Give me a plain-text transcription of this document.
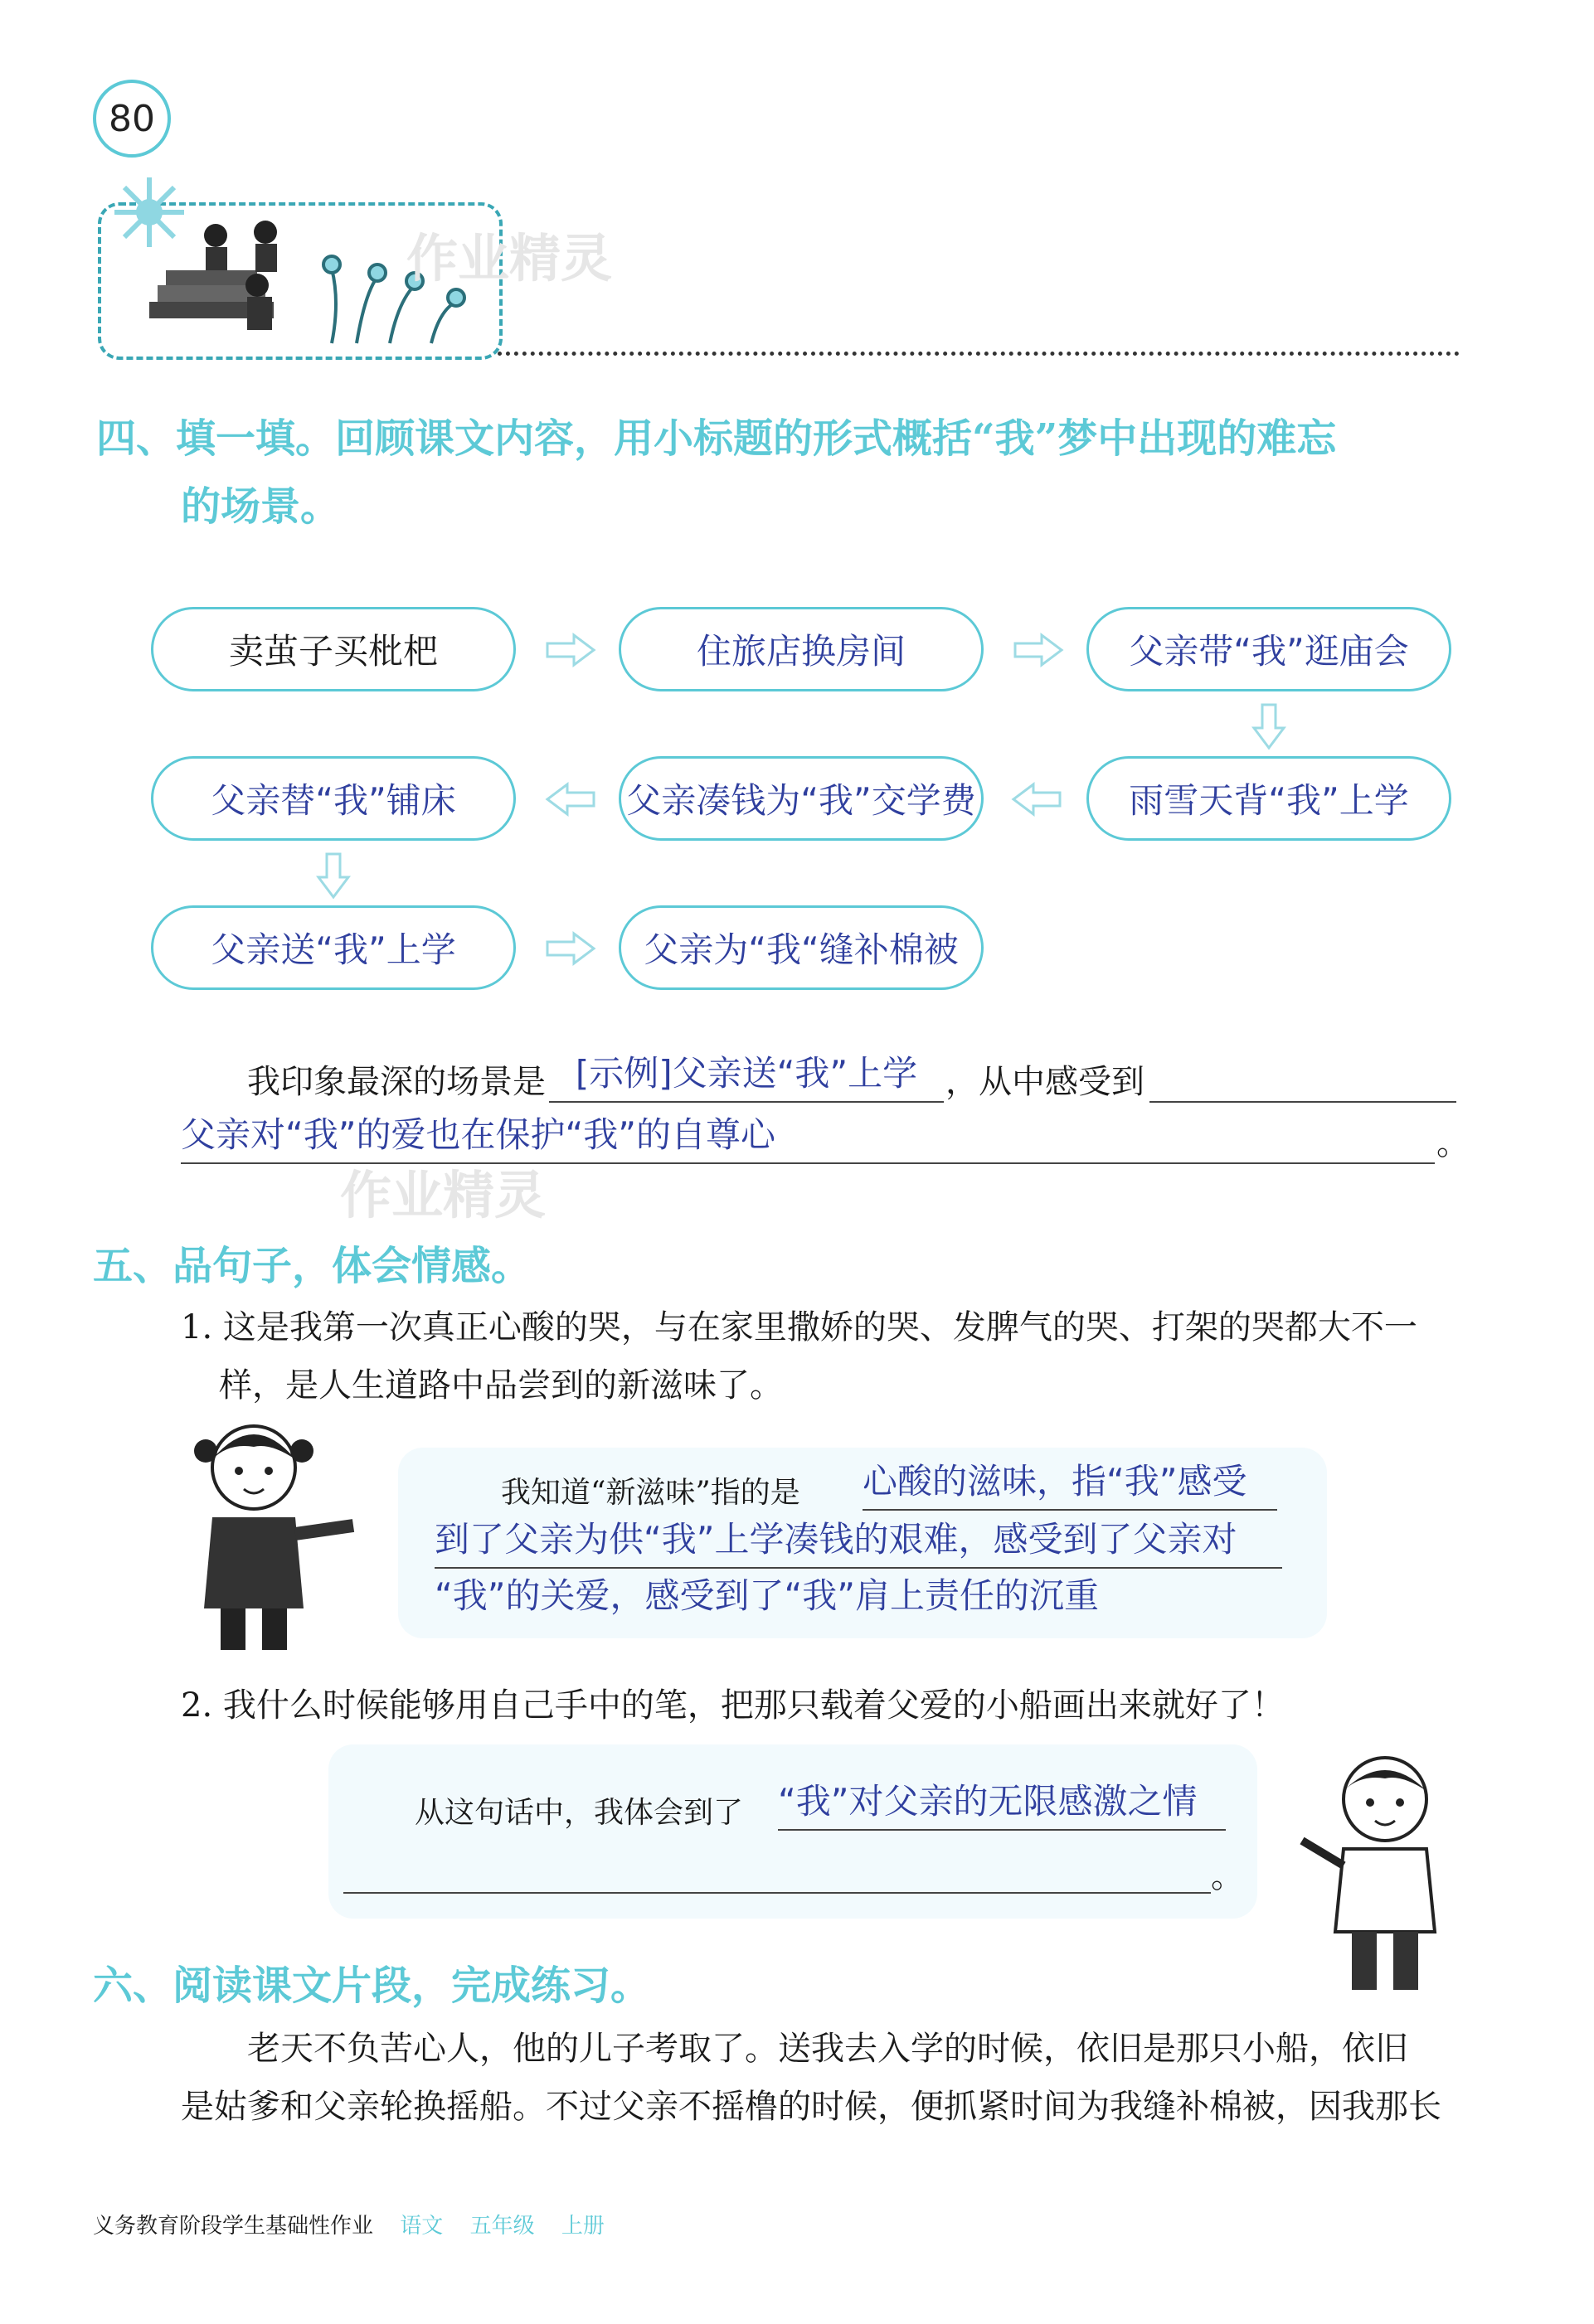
80
作业精灵
四、填一填。回顾课文内容，用小标题的形式概括“我”梦中出现的难忘
的场景。
卖茧子买枇杷	住旅店换房间	父亲带“我”逛庙会
雨雪天背“我”上学
父亲凑钱为“我”交学费
父亲替“我”铺床
父亲送“我”上学	父亲为“我“缝补棉被
我印象最深的场景是 [示例]父亲送“我”上学 ，从中感受到
父亲对“我”的爱也在保护“我”的自尊心	。
作业精灵
五、品句子，体会情感。
1. 这是我第一次真正心酸的哭，与在家里撒娇的哭、发脾气的哭、打架的哭都大不一
样，是人生道路中品尝到的新滋味了。
我知道“新滋味”指的是 心酸的滋味，指“我”感受
到了父亲为供“我”上学凑钱的艰难，感受到了父亲对
“我”的关爱，感受到了“我”肩上责任的沉重
2. 我什么时候能够用自己手中的笔，把那只载着父爱的小船画出来就好了！
从这句话中，我体会到了 “我”对父亲的无限感激之情
。
六、阅读课文片段，完成练习。
老天不负苦心人，他的儿子考取了。送我去入学的时候，依旧是那只小船，依旧
是姑爹和父亲轮换摇船。不过父亲不摇橹的时候，便抓紧时间为我缝补棉被，因我那长
义务教育阶段学生基础性作业 语文 五年级 上册
